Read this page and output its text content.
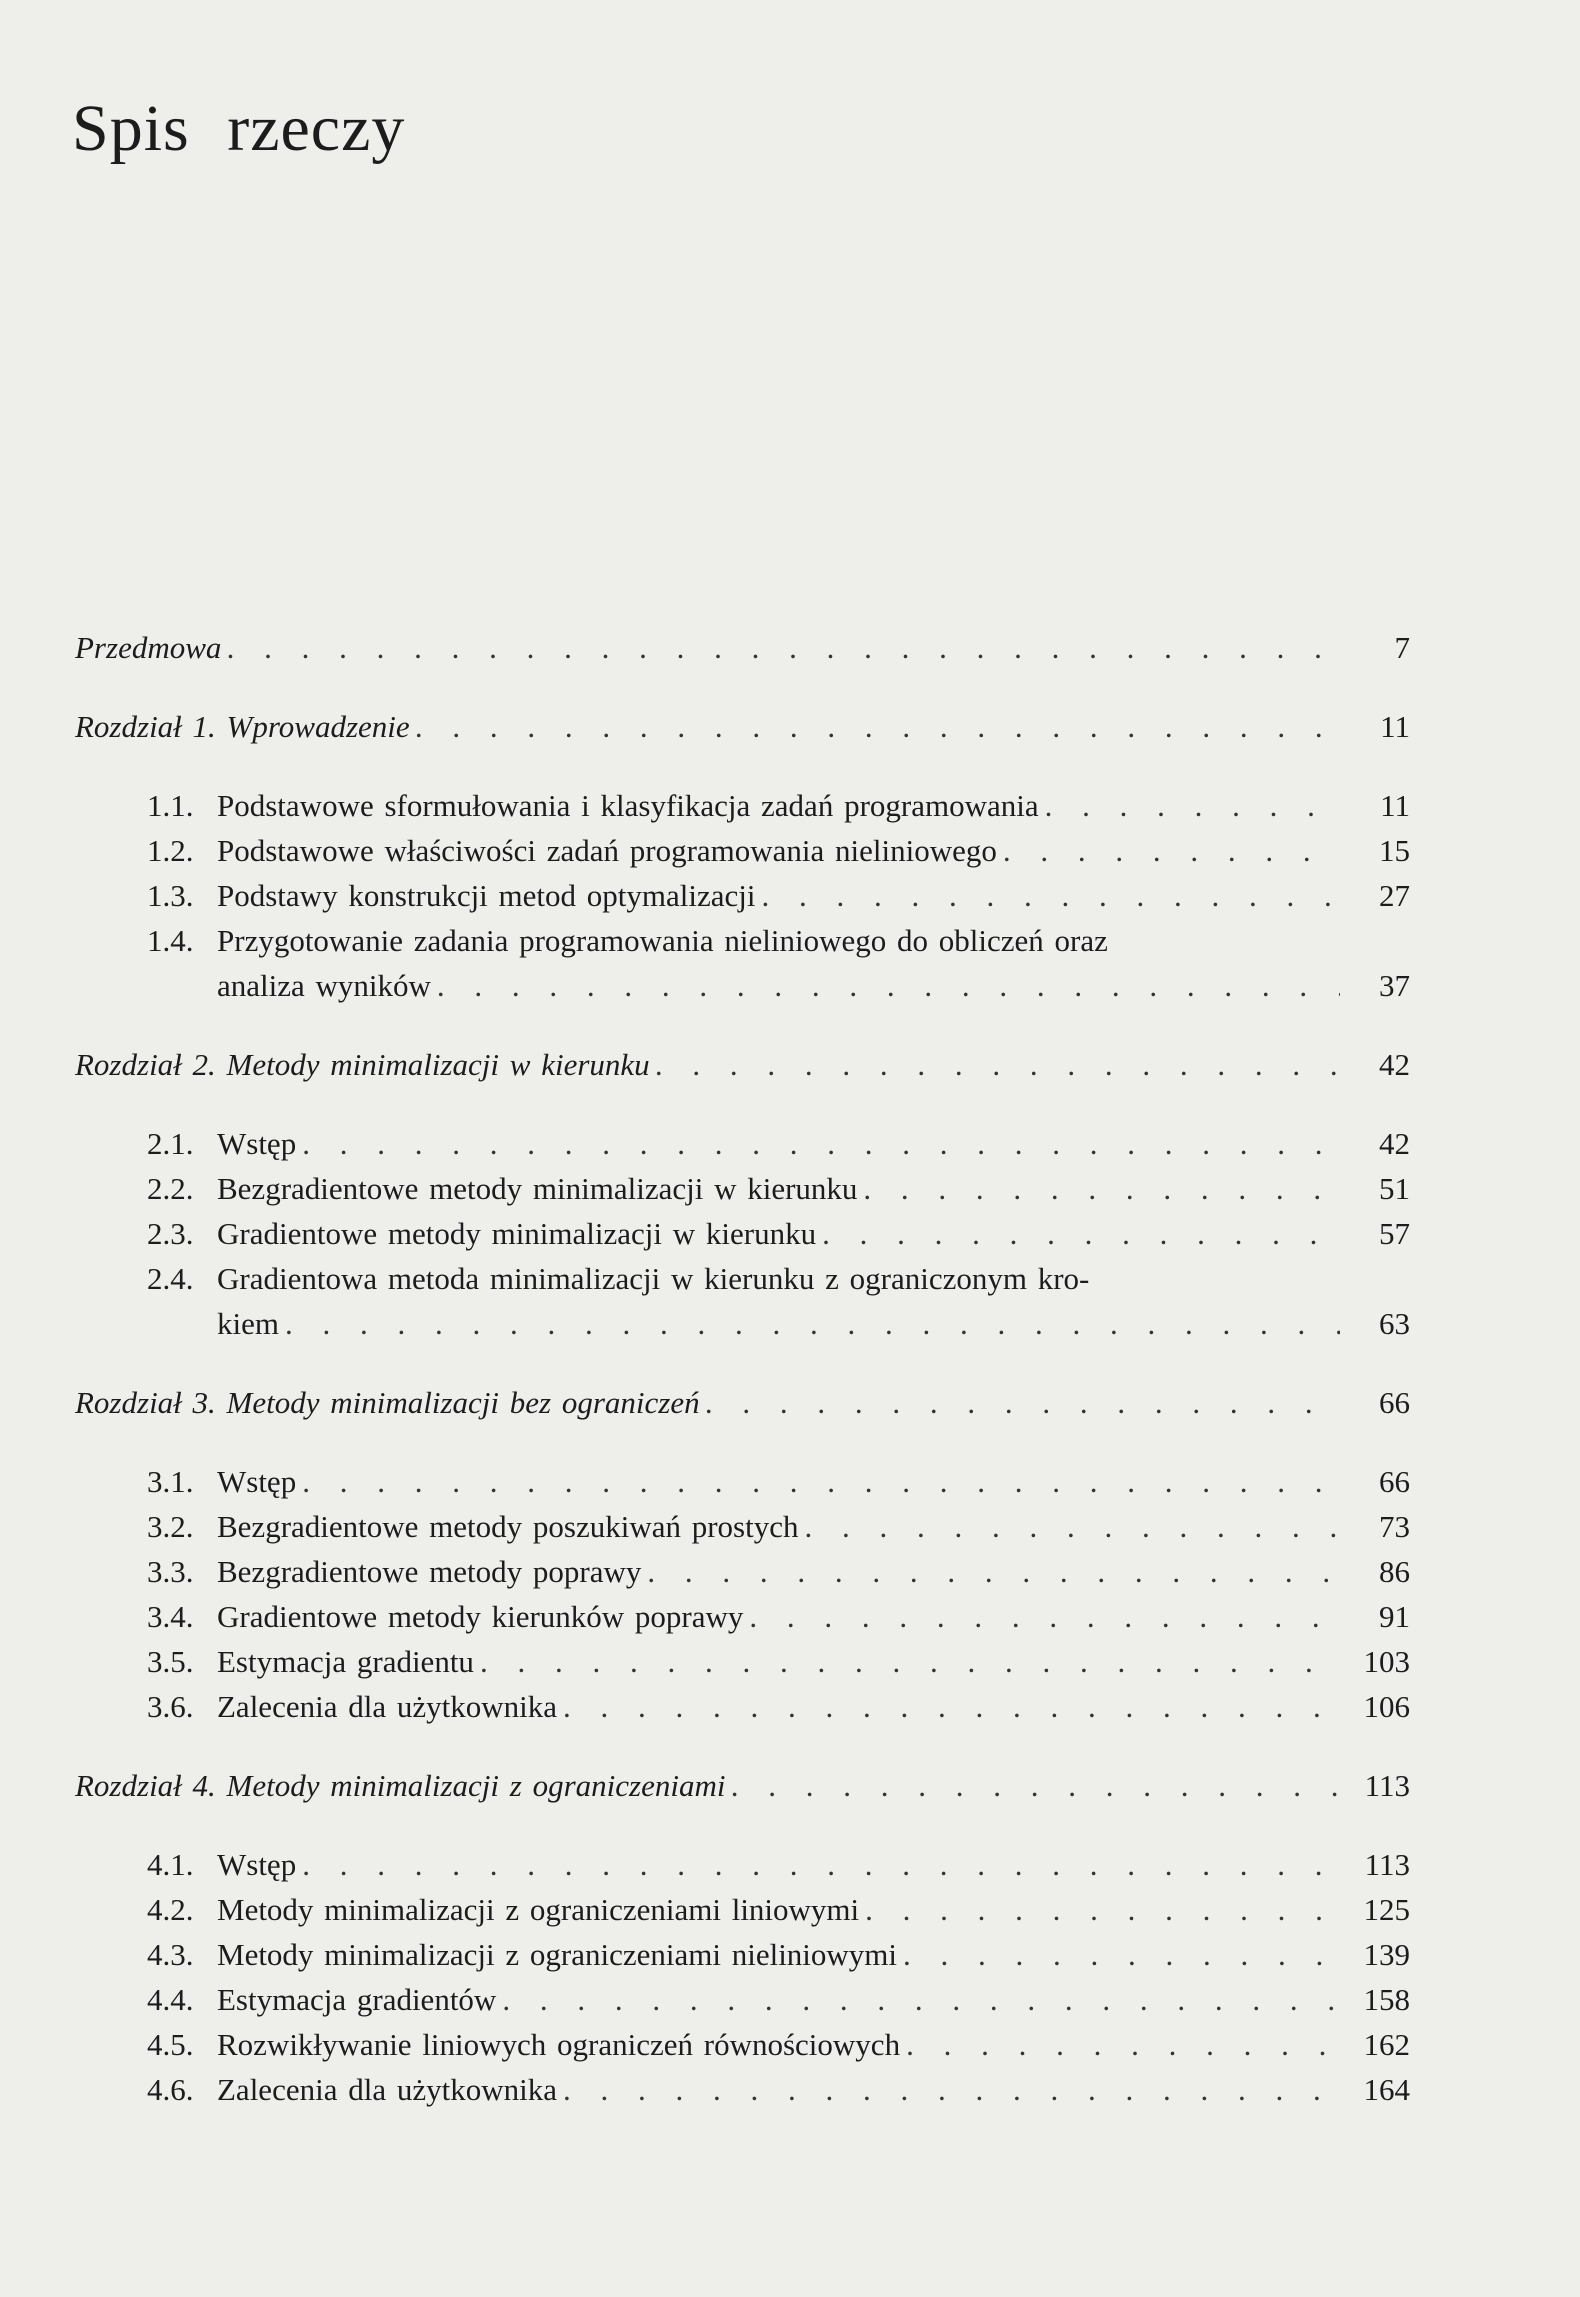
Spis rzeczy
Przedmowa . . .	7
Rozdział 1. Wprowadzenie . . .	11
1.1. Podstawowe sformułowania i klasyfikacja zadań programowania . . .	11
1.2. Podstawowe właściwości zadań programowania nieliniowego . . .	15
1.3. Podstawy konstrukcji metod optymalizacji . . .	27
1.4. Przygotowanie zadania programowania nieliniowego do obliczeń oraz
analiza wyników . . .	37
Rozdział 2. Metody minimalizacji w kierunku . . .	42
2.1. Wstęp . . .	42
2.2. Bezgradientowe metody minimalizacji w kierunku . . .	51
2.3. Gradientowe metody minimalizacji w kierunku . . .	57
2.4. Gradientowa metoda minimalizacji w kierunku z ograniczonym kro-
kiem . . .	63
Rozdział 3. Metody minimalizacji bez ograniczeń . . .	66
3.1. Wstęp . . .	66
3.2. Bezgradientowe metody poszukiwań prostych . . .	73
3.3. Bezgradientowe metody poprawy . . .	86
3.4. Gradientowe metody kierunków poprawy . . .	91
3.5. Estymacja gradientu . . .	103
3.6. Zalecenia dla użytkownika . . .	106
Rozdział 4. Metody minimalizacji z ograniczeniami . . .	113
4.1. Wstęp . . .	113
4.2. Metody minimalizacji z ograniczeniami liniowymi . . .	125
4.3. Metody minimalizacji z ograniczeniami nieliniowymi . . .	139
4.4. Estymacja gradientów . . .	158
4.5. Rozwikływanie liniowych ograniczeń równościowych . . .	162
4.6. Zalecenia dla użytkownika . . .	164
